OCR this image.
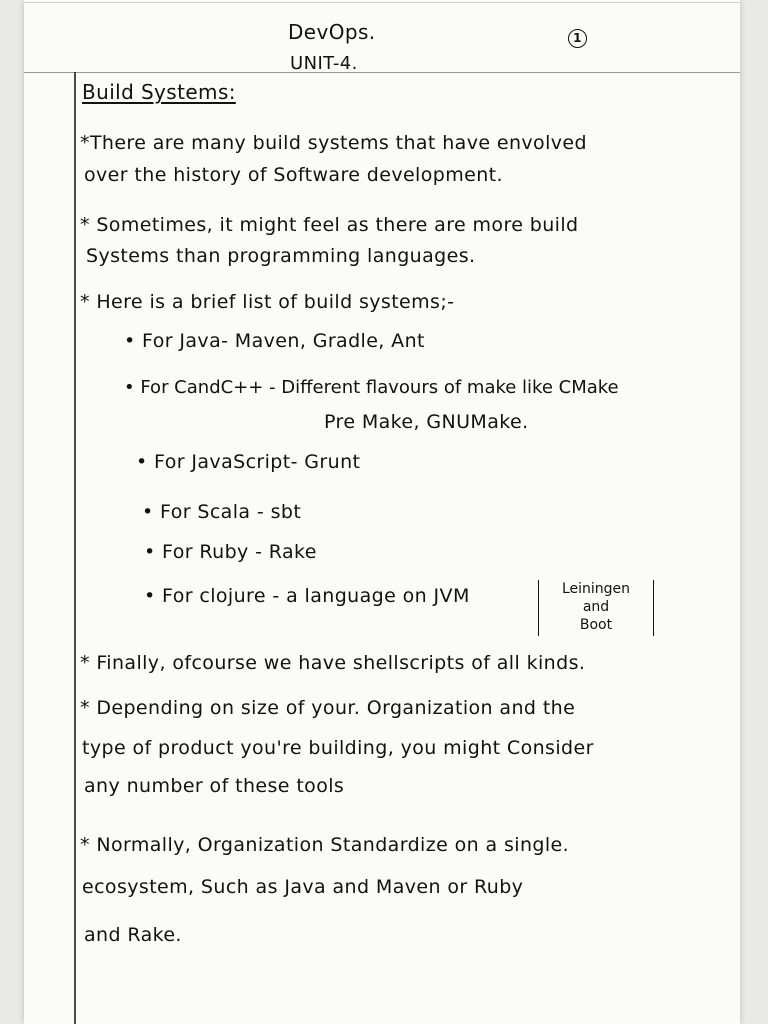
DevOps.	1
UNIT-4.
Build Systems:
*There are many build systems that have envolved
over the history of Software development.
* Sometimes, it might feel as there are more build
Systems than programming languages.
* Here is a brief list of build systems;-
• For Java- Maven, Gradle, Ant
• For CandC++ - Different flavours of make like CMake
Pre Make, GNUMake.
• For JavaScript- Grunt
• For Scala - sbt
• For Ruby - Rake
• For clojure - a language on JVM	Leiningen
and
Boot
* Finally, ofcourse we have shellscripts of all kinds.
* Depending on size of your. Organization and the
type of product you're building, you might Consider
any number of these tools
* Normally, Organization Standardize on a single.
ecosystem, Such as Java and Maven or Ruby
and Rake.
